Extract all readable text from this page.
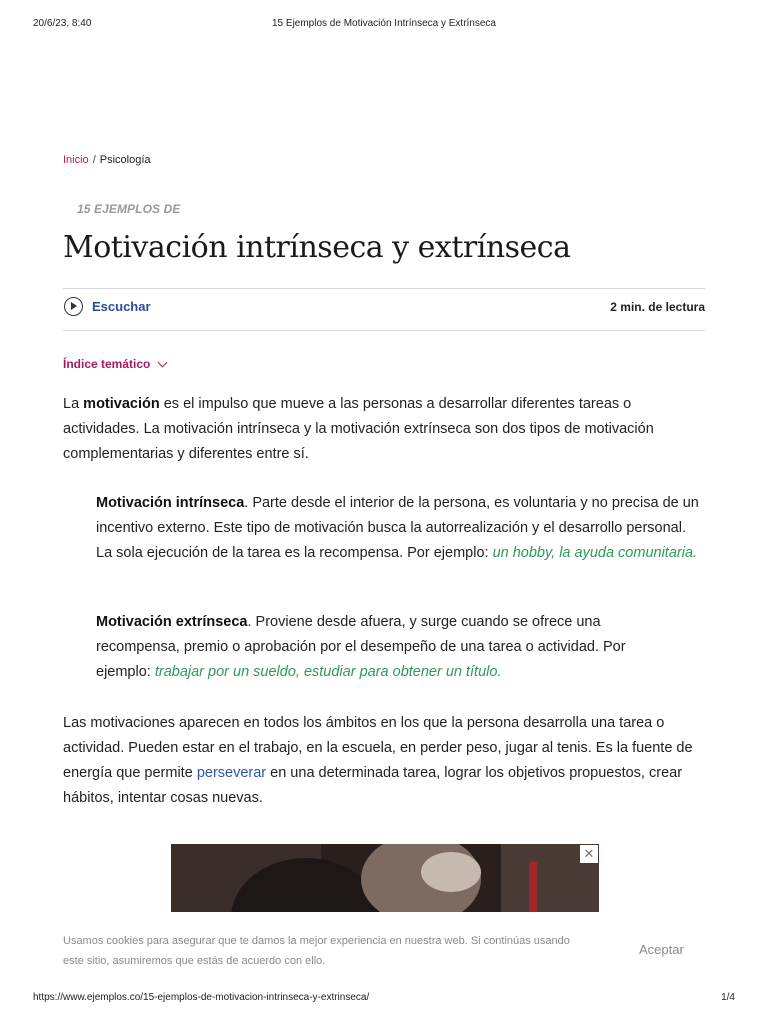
20/6/23, 8:40	15 Ejemplos de Motivación Intrínseca y Extrínseca
Inicio / Psicología
15 EJEMPLOS DE
Motivación intrínseca y extrínseca
Escuchar	2 min. de lectura
Índice temático

La motivación es el impulso que mueve a las personas a desarrollar diferentes tareas o actividades. La motivación intrínseca y la motivación extrínseca son dos tipos de motivación complementarias y diferentes entre sí.

Motivación intrínseca. Parte desde el interior de la persona, es voluntaria y no precisa de un incentivo externo. Este tipo de motivación busca la autorrealización y el desarrollo personal. La sola ejecución de la tarea es la recompensa. Por ejemplo: un hobby, la ayuda comunitaria.

Motivación extrínseca. Proviene desde afuera, y surge cuando se ofrece una recompensa, premio o aprobación por el desempeño de una tarea o actividad. Por ejemplo: trabajar por un sueldo, estudiar para obtener un título.

Las motivaciones aparecen en todos los ámbitos en los que la persona desarrolla una tarea o actividad. Pueden estar en el trabajo, en la escuela, en perder peso, jugar al tenis. Es la fuente de energía que permite perseverar en una determinada tarea, lograr los objetivos propuestos, crear hábitos, intentar cosas nuevas.

✕

Usamos cookies para asegurar que te damos la mejor experiencia en nuestra web. Si continúas usando este sitio, asumiremos que estás de acuerdo con ello.

Aceptar
https://www.ejemplos.co/15-ejemplos-de-motivacion-intrinseca-y-extrinseca/	1/4
